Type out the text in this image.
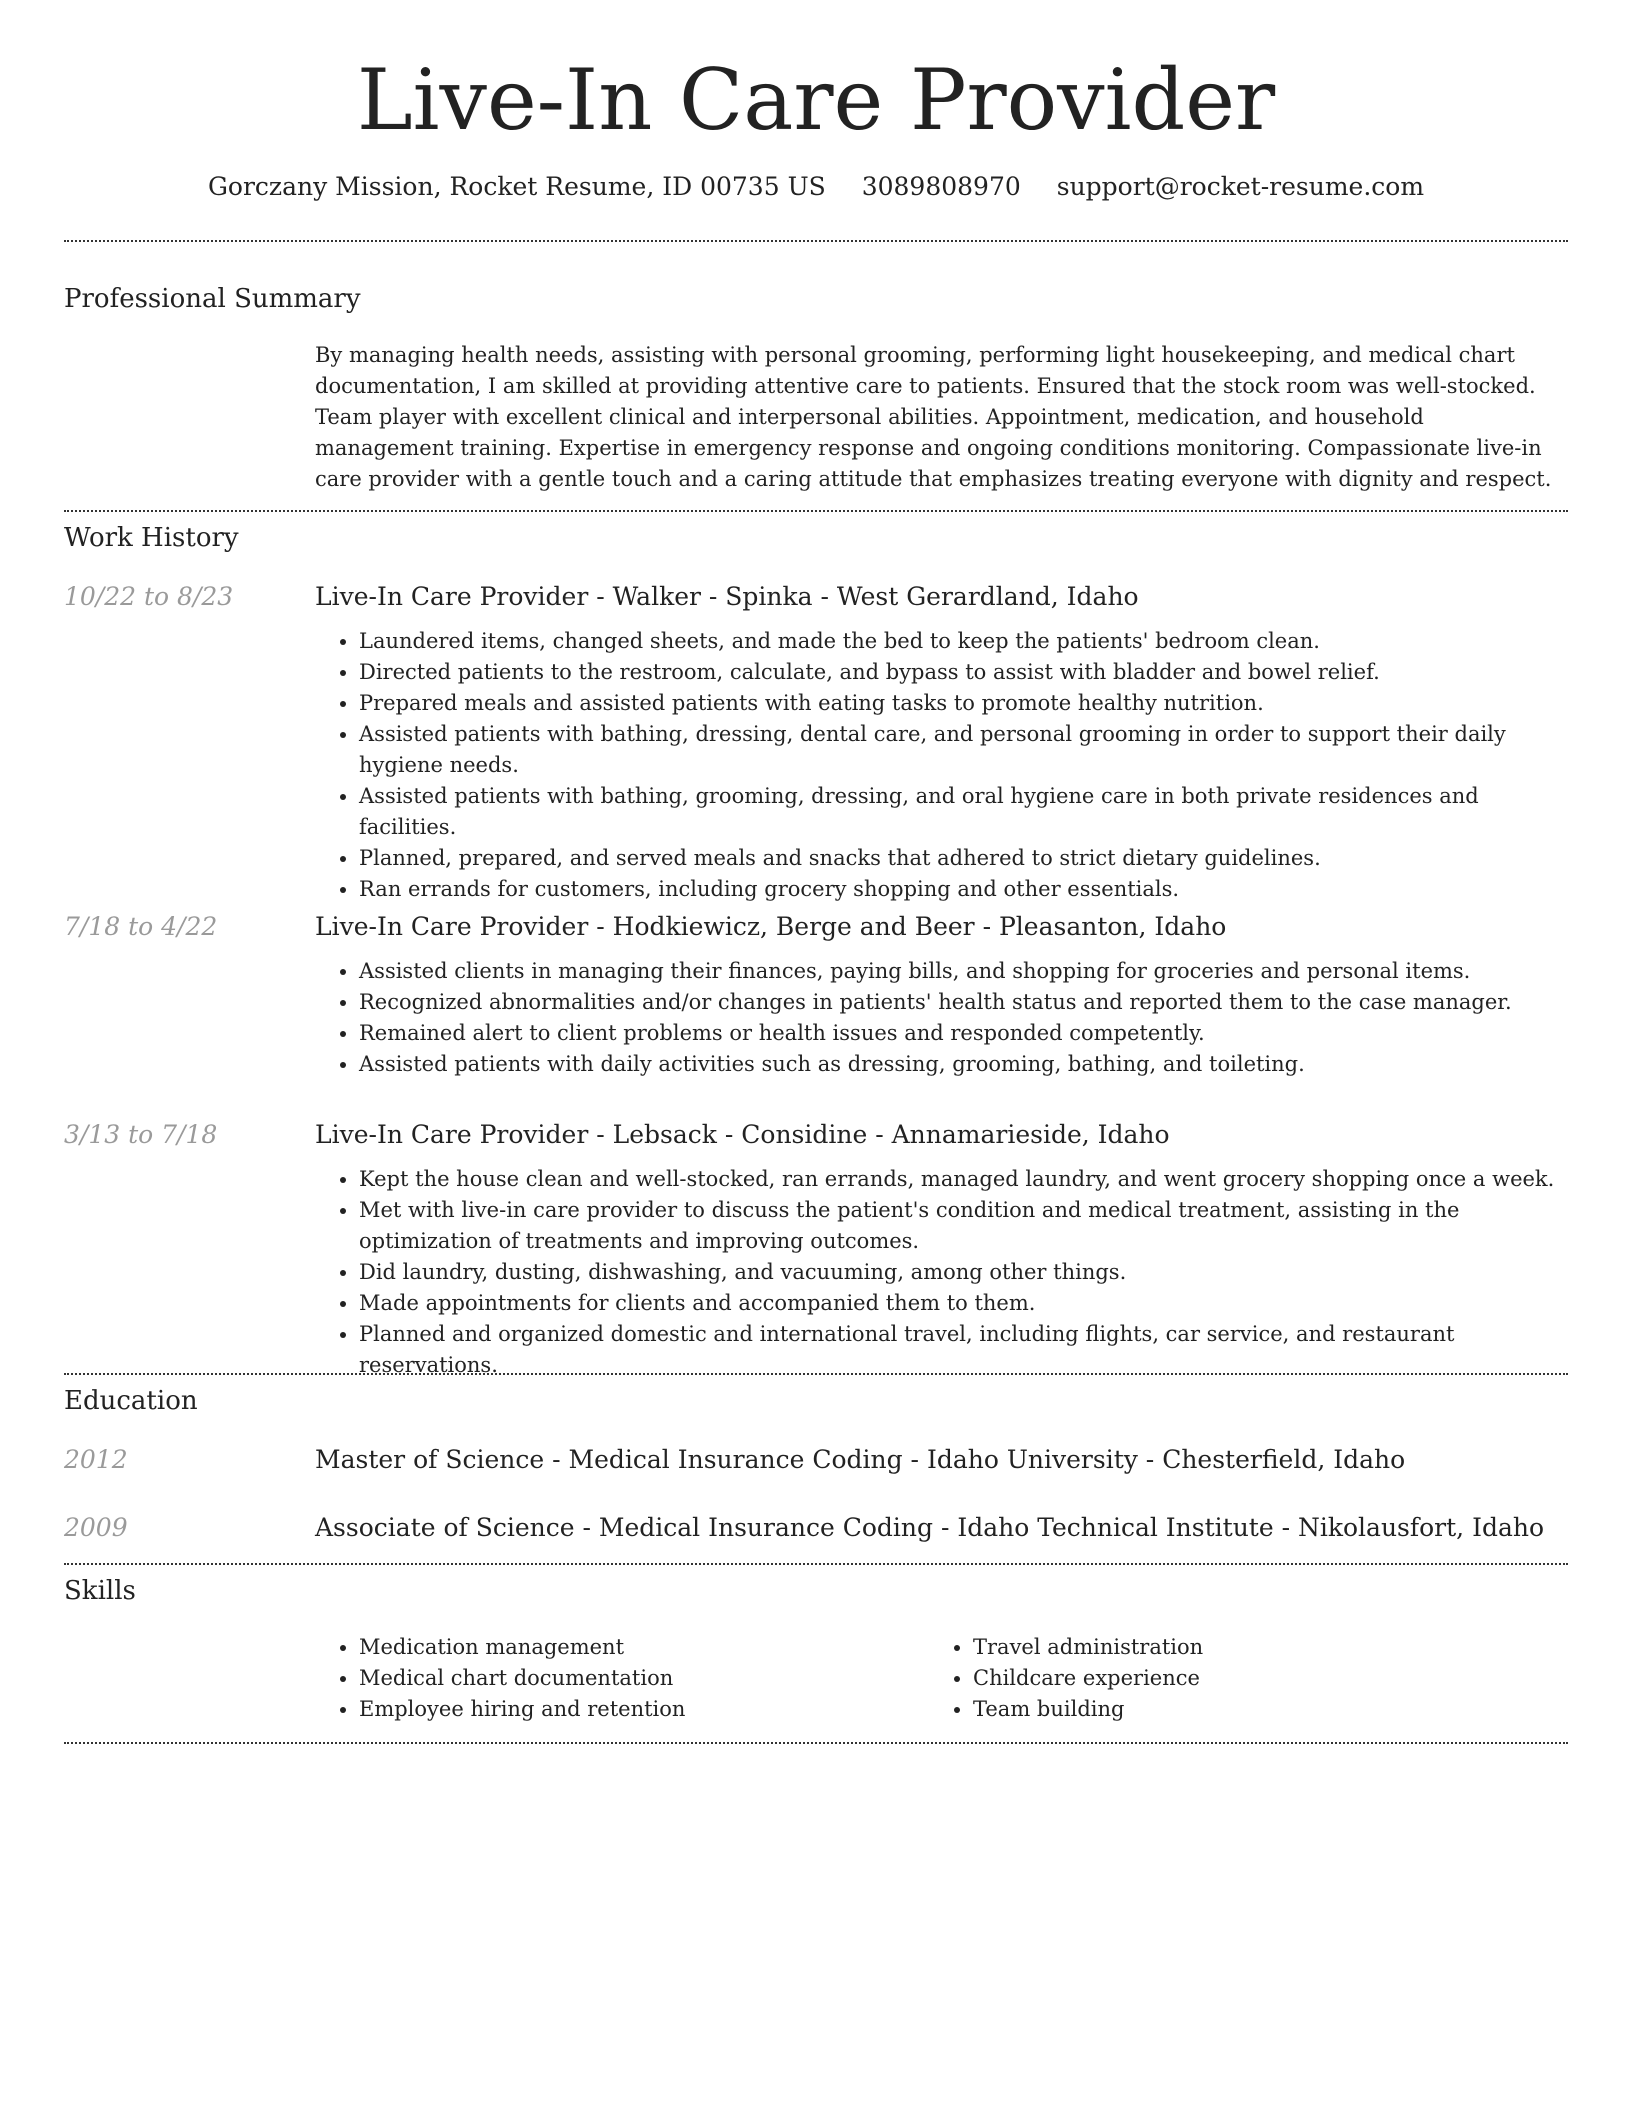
Live-In Care Provider
Gorczany Mission, Rocket Resume, ID 00735 US 3089808970 support@rocket-resume.com
Professional Summary

By managing health needs, assisting with personal grooming, performing light housekeeping, and medical chart documentation, I am skilled at providing attentive care to patients. Ensured that the stock room was well-stocked. Team player with excellent clinical and interpersonal abilities. Appointment, medication, and household management training. Expertise in emergency response and ongoing conditions monitoring. Compassionate live-in care provider with a gentle touch and a caring attitude that emphasizes treating everyone with dignity and respect.

Work History
10/22 to 8/23	Live-In Care Provider - Walker - Spinka - West Gerardland, Idaho
• Laundered items, changed sheets, and made the bed to keep the patients' bedroom clean.
• Directed patients to the restroom, calculate, and bypass to assist with bladder and bowel relief.
• Prepared meals and assisted patients with eating tasks to promote healthy nutrition.
• Assisted patients with bathing, dressing, dental care, and personal grooming in order to support their daily hygiene needs.
• Assisted patients with bathing, grooming, dressing, and oral hygiene care in both private residences and facilities.
• Planned, prepared, and served meals and snacks that adhered to strict dietary guidelines.
• Ran errands for customers, including grocery shopping and other essentials.
7/18 to 4/22	Live-In Care Provider - Hodkiewicz, Berge and Beer - Pleasanton, Idaho
• Assisted clients in managing their finances, paying bills, and shopping for groceries and personal items.
• Recognized abnormalities and/or changes in patients' health status and reported them to the case manager.
• Remained alert to client problems or health issues and responded competently.
• Assisted patients with daily activities such as dressing, grooming, bathing, and toileting.
3/13 to 7/18	Live-In Care Provider - Lebsack - Considine - Annamarieside, Idaho
• Kept the house clean and well-stocked, ran errands, managed laundry, and went grocery shopping once a week.
• Met with live-in care provider to discuss the patient's condition and medical treatment, assisting in the optimization of treatments and improving outcomes.
• Did laundry, dusting, dishwashing, and vacuuming, among other things.
• Made appointments for clients and accompanied them to them.
• Planned and organized domestic and international travel, including flights, car service, and restaurant reservations.
Education
2012	Master of Science - Medical Insurance Coding - Idaho University - Chesterfield, Idaho
2009	Associate of Science - Medical Insurance Coding - Idaho Technical Institute - Nikolausfort, Idaho
Skills
• Medication management
• Medical chart documentation
• Employee hiring and retention
• Travel administration
• Childcare experience
• Team building
